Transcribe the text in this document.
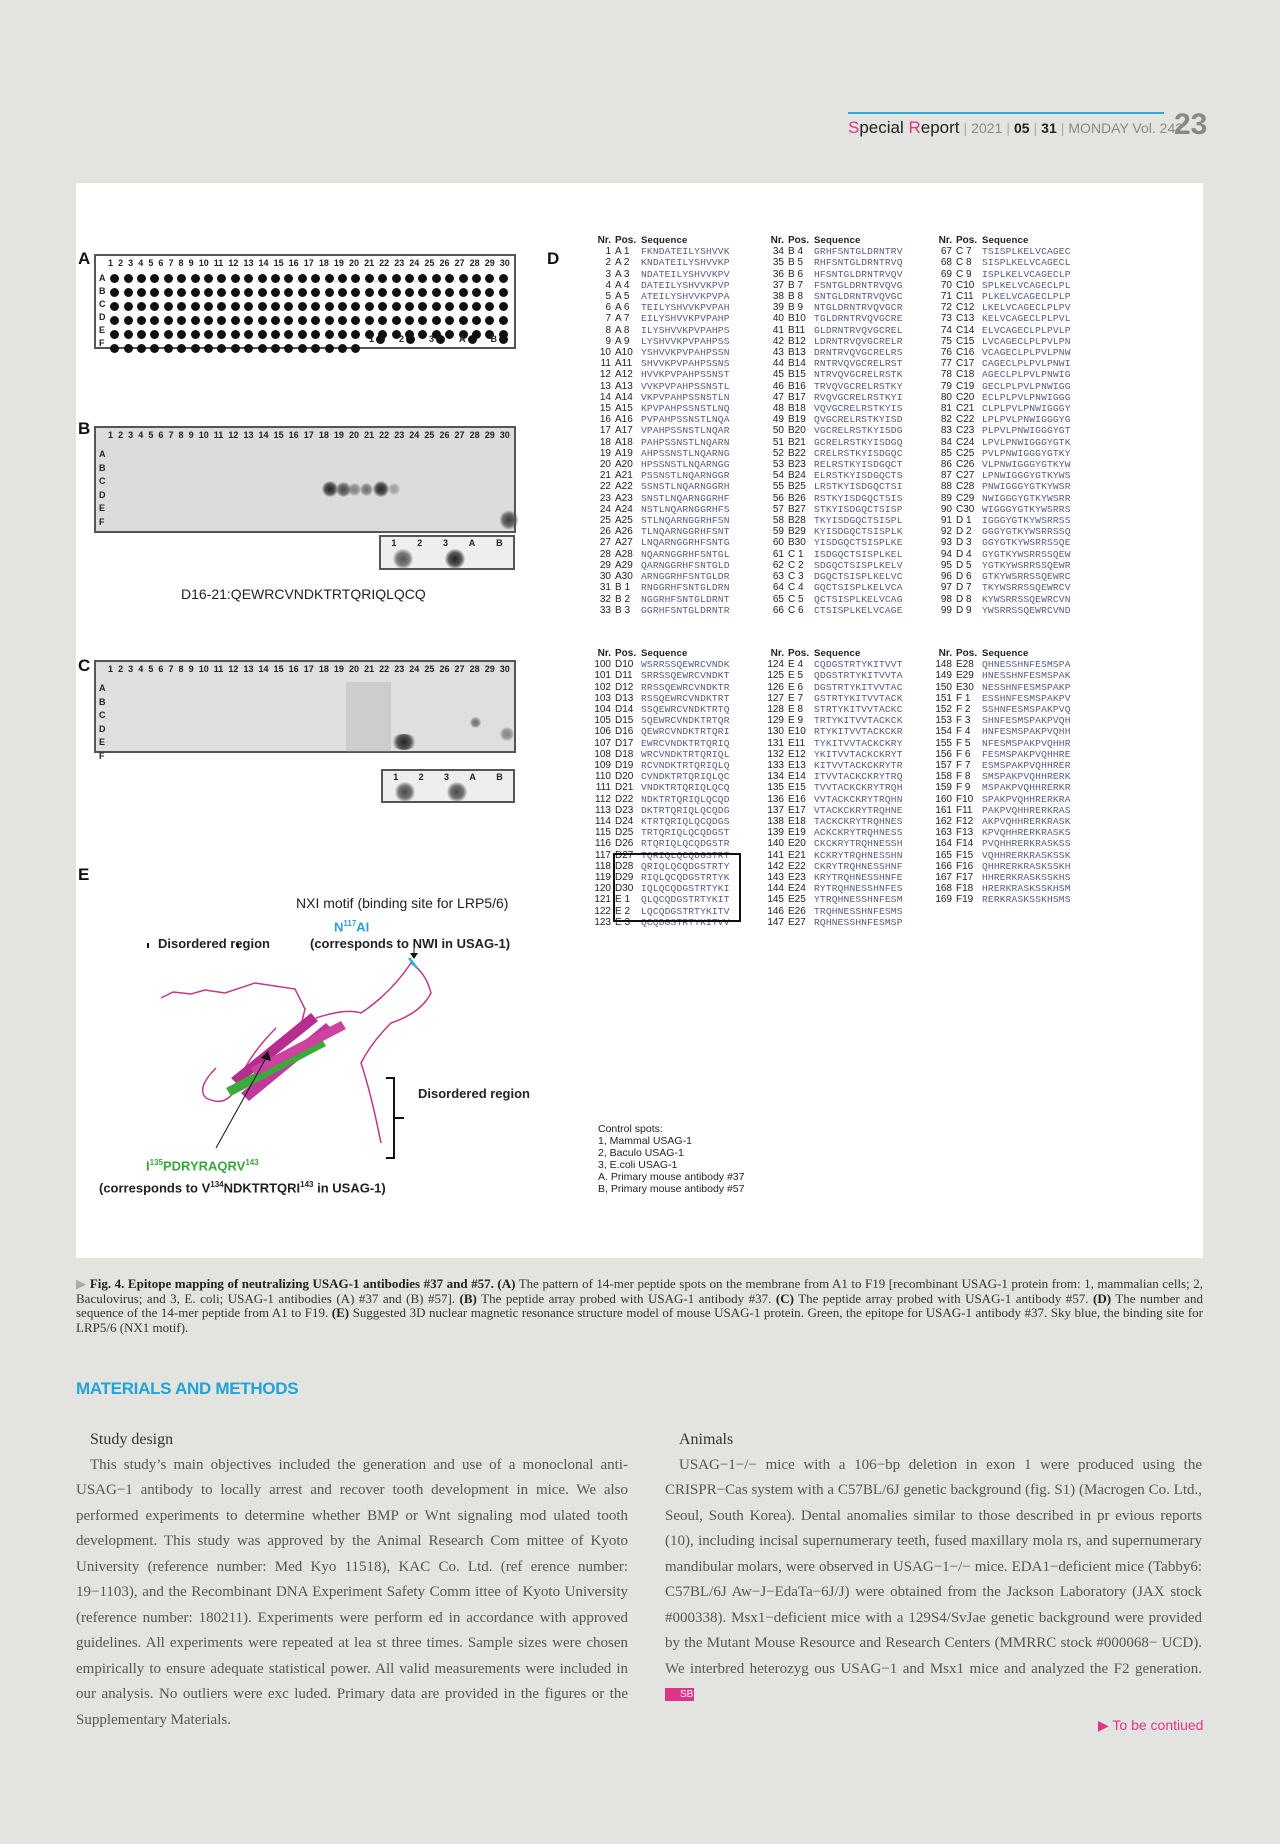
Special Report | 2021 | 05 | 31 | MONDAY Vol. 242
23
A 1 2 3 4 5 6 7 8 9 10 11 12 13 14 15 16 17 18 19 20 21 22 23 24 25 26 27 28 29 30
A
B
C
D
E
F	1	2	3	A	B
B 1 2 3 4 5 6 7 8 9 10 11 12 13 14 15 16 17 18 19 20 21 22 23 24 25 26 27 28 29 30
A
B
C
D
E
F
1 2 3 A B
D16-21:QEWRCVNDKTRTQRIQLQCQ
C 1 2 3 4 5 6 7 8 9 10 11 12 13 14 15 16 17 18 19 20 21 22 23 24 25 26 27 28 29 30
A
B
C
D
E
F
1 2 3 A B
E
NXI motif (binding site for LRP5/6)
$N^{117}AI$
Disordered region	(corresponds to NWI in USAG-1)
Disordered region
$I^{135}PDRYRAQRV^{143}$
(corresponds to $V^{134}NDKTRTQRI^{143}$ in USAG-1)
D
Nr. Pos. Sequence
1 A 1	FKNDATEILYSHVVK
2 A 2	KNDATEILYSHVVKP
3 A 3	NDATEILYSHVVKPV
4 A 4	DATEILYSHVVKPVP
5 A 5	ATEILYSHVVKPVPA
6 A 6	TEILYSHVVKPVPAH
7 A 7	EILYSHVVKPVPAHP
8 A 8	ILYSHVVKPVPAHPS
9 A 9	LYSHVVKPVPAHPSS
10 A10 YSHVVKPVPAHPSSN
11 A11 SHVVKPVPAHPSSNS
12 A12 HVVKPVPAHPSSNST
13 A13 VVKPVPAHPSSNSTL
14 A14 VKPVPAHPSSNSTLN
15 A15 KPVPAHPSSNSTLNQ
16 A16 PVPAHPSSNSTLNQA
17 A17 VPAHPSSNSTLNQAR
18 A18 PAHPSSNSTLNQARN
19 A19 AHPSSNSTLNQARNG
20 A20 HPSSNSTLNQARNGG
21 A21 PSSNSTLNQARNGGR
22 A22 SSNSTLNQARNGGRH
23 A23 SNSTLNQARNGGRHF
24 A24 NSTLNQARNGGRHFS
25 A25 STLNQARNGGRHFSN
26 A26 TLNQARNGGRHFSNT
27 A27 LNQARNGGRHFSNTG
28 A28 NQARNGGRHFSNTGL
29 A29 QARNGGRHFSNTGLD
30 A30 ARNGGRHFSNTGLDR
31 B 1	RNGGRHFSNTGLDRN
32 B 2	NGGRHFSNTGLDRNT
33 B 3	GGRHFSNTGLDRNTR
Nr. Pos. Sequence
34 B 4	GRHFSNTGLDRNTRV
35 B 5	RHFSNTGLDRNTRVQ
36 B 6	HFSNTGLDRNTRVQV
37 B 7	FSNTGLDRNTRVQVG
38 B 8	SNTGLDRNTRVQVGC
39 B 9	NTGLDRNTRVQVGCR
40 B10 TGLDRNTRVQVGCRE
41 B11 GLDRNTRVQVGCREL
42 B12 LDRNTRVQVGCRELR
43 B13 DRNTRVQVGCRELRS
44 B14 RNTRVQVGCRELRST
45 B15 NTRVQVGCRELRSTK
46 B16 TRVQVGCRELRSTKY
47 B17 RVQVGCRELRSTKYI
48 B18 VQVGCRELRSTKYIS
49 B19 QVGCRELRSTKYISD
50 B20 VGCRELRSTKYISDG
51 B21 GCRELRSTKYISDGQ
52 B22 CRELRSTKYISDGQC
53 B23 RELRSTKYISDGQCT
54 B24 ELRSTKYISDGQCTS
55 B25 LRSTKYISDGQCTSI
56 B26 RSTKYISDGQCTSIS
57 B27 STKYISDGQCTSISP
58 B28 TKYISDGQCTSISPL
59 B29 KYISDGQCTSISPLK
60 B30 YISDGQCTSISPLKE
61 C 1	ISDGQCTSISPLKEL
62 C 2	SDGQCTSISPLKELV
63 C 3	DGQCTSISPLKELVC
64 C 4	GQCTSISPLKELVCA
65 C 5	QCTSISPLKELVCAG
66 C 6	CTSISPLKELVCAGE
Nr. Pos. Sequence
67 C 7	TSISPLKELVCAGEC
68 C 8	SISPLKELVCAGECL
69 C 9	ISPLKELVCAGECLP
70 C10 SPLKELVCAGECLPL
71 C11 PLKELVCAGECLPLP
72 C12 LKELVCAGECLPLPV
73 C13 KELVCAGECLPLPVL
74 C14 ELVCAGECLPLPVLP
75 C15 LVCAGECLPLPVLPN
76 C16 VCAGECLPLPVLPNW
77 C17 CAGECLPLPVLPNWI
78 C18 AGECLPLPVLPNWIG
79 C19 GECLPLPVLPNWIGG
80 C20 ECLPLPVLPNWIGGG
81 C21 CLPLPVLPNWIGGGY
82 C22 LPLPVLPNWIGGGYG
83 C23 PLPVLPNWIGGGYGT
84 C24 LPVLPNWIGGGYGTK
85 C25 PVLPNWIGGGYGTKY
86 C26 VLPNWIGGGYGTKYW
87 C27 LPNWIGGGYGTKYWS
88 C28 PNWIGGGYGTKYWSR
89 C29 NWIGGGYGTKYWSRR
90 C30 WIGGGYGTKYWSRRS
91 D 1	IGGGYGTKYWSRRSS
92 D 2	GGGYGTKYWSRRSSQ
93 D 3	GGYGTKYWSRRSSQE
94 D 4	GYGTKYWSRRSSQEW
95 D 5	YGTKYWSRRSSQEWR
96 D 6	GTKYWSRRSSQEWRC
97 D 7	TKYWSRRSSQEWRCV
98 D 8	KYWSRRSSQEWRCVN
99 D 9	YWSRRSSQEWRCVND
Nr. Pos. Sequence
100 D10 WSRRSSQEWRCVNDK
101 D11 SRRSSQEWRCVNDKT
102 D12 RRSSQEWRCVNDKTR
103 D13 RSSQEWRCVNDKTRT
104 D14 SSQEWRCVNDKTRTQ
105 D15 SQEWRCVNDKTRTQR
106 D16 QEWRCVNDKTRTQRI
107 D17 EWRCVNDKTRTQRIQ
108 D18 WRCVNDKTRTQRIQL
109 D19 RCVNDKTRTQRIQLQ
110 D20 CVNDKTRTQRIQLQC
111 D21 VNDKTRTQRIQLQCQ
112 D22 NDKTRTQRIQLQCQD
113 D23 DKTRTQRIQLQCQDG
114 D24 KTRTQRIQLQCQDGS
115 D25 TRTQRIQLQCQDGST
116 D26 RTQRIQLQCQDGSTR
117 D27 TQRIQLQCQDGSTRT
118 D28 QRIQLQCQDGSTRTY
119 D29 RIQLQCQDGSTRTYK
120 D30 IQLQCQDGSTRTYKI
121 E 1	QLQCQDGSTRTYKIT
122 E 2	LQCQDGSTRTYKITV
123 E 3	QCQDGSTRTYKITVV
Nr. Pos. Sequence
124 E 4	CQDGSTRTYKITVVT
125 E 5	QDGSTRTYKITVVTA
126 E 6	DGSTRTYKITVVTAC
127 E 7	GSTRTYKITVVTACK
128 E 8	STRTYKITVVTACKC
129 E 9	TRTYKITVVTACKCK
130 E10 RTYKITVVTACKCKR
131 E11 TYKITVVTACKCKRY
132 E12 YKITVVTACKCKRYT
133 E13 KITVVTACKCKRYTR
134 E14 ITVVTACKCKRYTRQ
135 E15 TVVTACKCKRYTRQH
136 E16 VVTACKCKRYTRQHN
137 E17 VTACKCKRYTRQHNE
138 E18 TACKCKRYTRQHNES
139 E19 ACKCKRYTRQHNESS
140 E20 CKCKRYTRQHNESSH
141 E21 KCKRYTRQHNESSHN
142 E22 CKRYTRQHNESSHNF
143 E23 KRYTRQHNESSHNFE
144 E24 RYTRQHNESSHNFES
145 E25 YTRQHNESSHNFESM
146 E26 TRQHNESSHNFESMS
147 E27 RQHNESSHNFESMSP
Nr. Pos. Sequence
148 E28 QHNESSHNFESMSPA
149 E29 HNESSHNFESMSPAK
150 E30 NESSHNFESMSPAKP
151 F 1	ESSHNFESMSPAKPV
152 F 2	SSHNFESMSPAKPVQ
153 F 3	SHNFESMSPAKPVQH
154 F 4	HNFESMSPAKPVQHH
155 F 5	NFESMSPAKPVQHHR
156 F 6	FESMSPAKPVQHHRE
157 F 7	ESMSPAKPVQHHRER
158 F 8	SMSPAKPVQHHRERK
159 F 9	MSPAKPVQHHRERKR
160 F10 SPAKPVQHHRERKRA
161 F11 PAKPVQHHRERKRAS
162 F12 AKPVQHHRERKRASK
163 F13 KPVQHHRERKRASKS
164 F14 PVQHHRERKRASKSS
165 F15 VQHHRERKRASKSSK
166 F16 QHHRERKRASKSSKH
167 F17 HHRERKRASKSSKHS
168 F18 HRERKRASKSSKHSM
169 F19 RERKRASKSSKHSMS
Control spots:
1, Mammal USAG-1
2, Baculo USAG-1
3, E.coli USAG-1
A. Primary mouse antibody #37
B, Primary mouse antibody #57
▶ Fig. 4. Epitope mapping of neutralizing USAG-1 antibodies #37 and #57. (A) The pattern of 14-mer peptide spots on the membrane from A1 to F19 [recombinant USAG-1 protein from: 1, mammalian cells; 2, Baculovirus; and 3, E. coli; USAG-1 antibodies (A) #37 and (B) #57]. (B) The peptide array probed with USAG-1 antibody #37. (C) The peptide array probed with USAG-1 antibody #57. (D) The number and sequence of the 14-mer peptide from A1 to F19. (E) Suggested 3D nuclear magnetic resonance structure model of mouse USAG-1 protein. Green, the epitope for USAG-1 antibody #37. Sky blue, the binding site for LRP5/6 (NX1 motif).
MATERIALS AND METHODS
Study design

This study’s main objectives included the generation and use of a monoclonal anti-USAG−1 antibody to locally arrest and recover tooth development in mice. We also performed experiments to determine whether BMP or Wnt signaling mod ulated tooth development. This study was approved by the Animal Research Com mittee of Kyoto University (reference number: Med Kyo 11518), KAC Co. Ltd. (ref erence number: 19−1103), and the Recombinant DNA Experiment Safety Comm ittee of Kyoto University (reference number: 180211). Experiments were perform ed in accordance with approved guidelines. All experiments were repeated at lea st three times. Sample sizes were chosen empirically to ensure adequate statistical power. All valid measurements were included in our analysis. No outliers were exc luded. Primary data are provided in the figures or the Supplementary Materials.

Animals

USAG−1−/− mice with a 106−bp deletion in exon 1 were produced using the CRISPR−Cas system with a C57BL/6J genetic background (fig. S1) (Macrogen Co. Ltd., Seoul, South Korea). Dental anomalies similar to those described in pr evious reports (10), including incisal supernumerary teeth, fused maxillary mola rs, and supernumerary mandibular molars, were observed in USAG−1−/− mice. EDA1−deficient mice (Tabby6: C57BL/6J Aw−J−EdaTa−6J/J) were obtained from the Jackson Laboratory (JAX stock #000338). Msx1−deficient mice with a 129S4/SvJae genetic background were provided by the Mutant Mouse Resource and Research Centers (MMRRC stock #000068− UCD). We interbred heterozyg ous USAG−1 and Msx1 mice and analyzed the F2 generation.SB

▶ To be contiued
